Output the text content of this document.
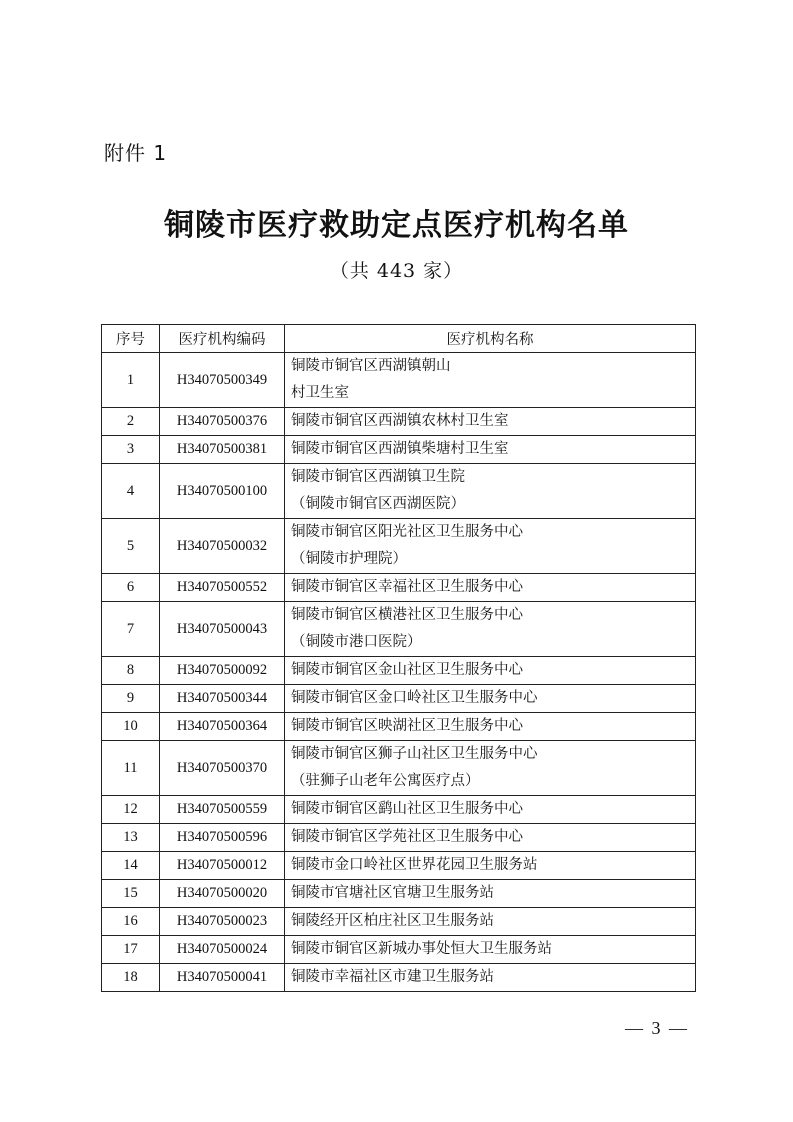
附件 1
铜陵市医疗救助定点医疗机构名单
（共 443 家）
序号	医疗机构编码	医疗机构名称
1	H34070500349	铜陵市铜官区西湖镇朝山
村卫生室

2	H34070500376	铜陵市铜官区西湖镇农林村卫生室

3	H34070500381	铜陵市铜官区西湖镇柴塘村卫生室

4	H34070500100	铜陵市铜官区西湖镇卫生院
（铜陵市铜官区西湖医院）

5	H34070500032	铜陵市铜官区阳光社区卫生服务中心
（铜陵市护理院）

6	H34070500552	铜陵市铜官区幸福社区卫生服务中心

7	H34070500043	铜陵市铜官区横港社区卫生服务中心
（铜陵市港口医院）

8	H34070500092	铜陵市铜官区金山社区卫生服务中心

9	H34070500344	铜陵市铜官区金口岭社区卫生服务中心

10	H34070500364	铜陵市铜官区映湖社区卫生服务中心

11	H34070500370	铜陵市铜官区狮子山社区卫生服务中心
（驻狮子山老年公寓医疗点）

12	H34070500559	铜陵市铜官区鹞山社区卫生服务中心

13	H34070500596	铜陵市铜官区学苑社区卫生服务中心

14	H34070500012	铜陵市金口岭社区世界花园卫生服务站

15	H34070500020	铜陵市官塘社区官塘卫生服务站

16	H34070500023	铜陵经开区柏庄社区卫生服务站

17	H34070500024	铜陵市铜官区新城办事处恒大卫生服务站

18	H34070500041	铜陵市幸福社区市建卫生服务站
— 3 —
